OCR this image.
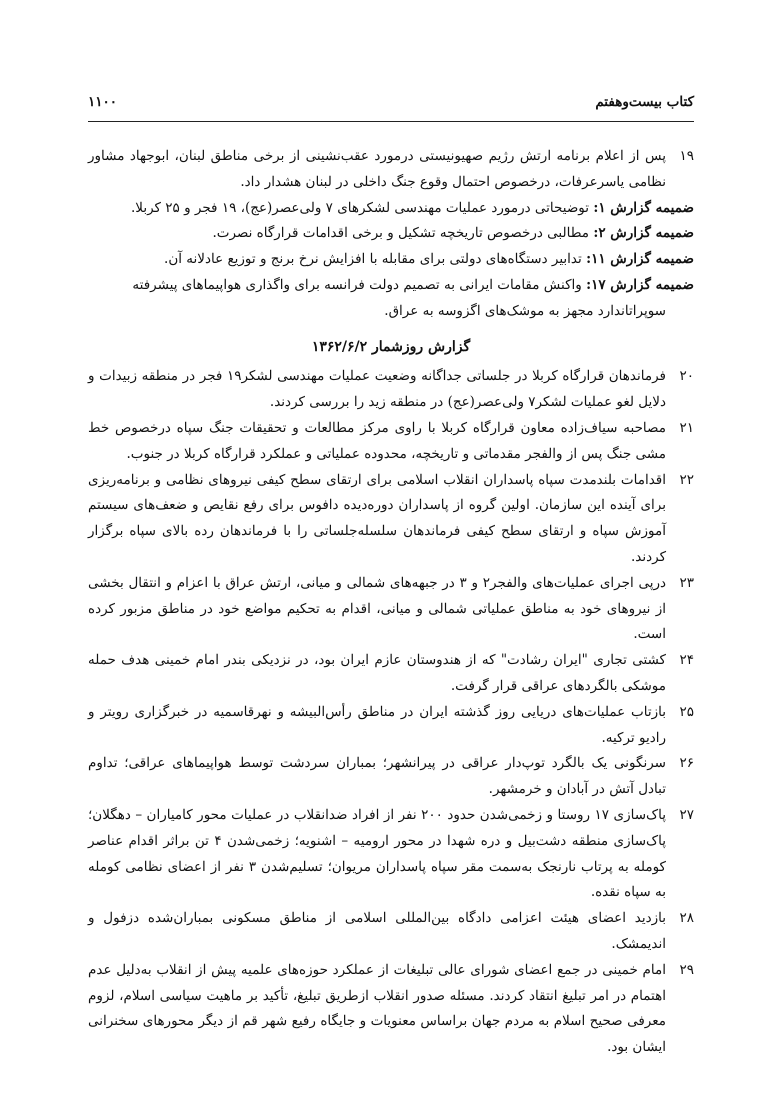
کتاب بیست‌وهفتم
۱۱۰۰
۱۹
پس از اعلام برنامه ارتش رژیم صهیونیستی درمورد عقب‌نشینی از برخی مناطق لبنان، ابوجهاد مشاور نظامی یاسرعرفات، درخصوص احتمال وقوع جنگ داخلی در لبنان هشدار داد.
ضمیمه گزارش ۱: توضیحاتی درمورد عملیات مهندسی لشکرهای ۷ ولی‌عصر(عج)، ۱۹ فجر و ۲۵ کربلا.
ضمیمه گزارش ۲: مطالبی درخصوص تاریخچه تشکیل و برخی اقدامات قرارگاه نصرت.
ضمیمه گزارش ۱۱: تدابیر دستگاه‌های دولتی برای مقابله با افزایش نرخ برنج و توزیع عادلانه آن.
ضمیمه گزارش ۱۷: واکنش مقامات ایرانی به تصمیم دولت فرانسه برای واگذاری هواپیماهای پیشرفته
سوپراتاندارد مجهز به موشک‌های اگزوسه به عراق.
گزارش روزشمار ۱۳۶۲/۶/۲
۲۰
فرماندهان قرارگاه کربلا در جلساتی جداگانه وضعیت عملیات مهندسی لشکر۱۹ فجر در منطقه زبیدات و دلایل لغو عملیات لشکر۷ ولی‌عصر(عج) در منطقه زید را بررسی کردند.
۲۱
مصاحبه سیاف‌زاده معاون قرارگاه کربلا با راوی مرکز مطالعات و تحقیقات جنگ سپاه درخصوص خط مشی جنگ پس از والفجر مقدماتی و تاریخچه، محدوده عملیاتی و عملکرد قرارگاه کربلا در جنوب.
۲۲
اقدامات بلندمدت سپاه پاسداران انقلاب اسلامی برای ارتقای سطح کیفی نیروهای نظامی و برنامه‌ریزی برای آینده این سازمان. اولین گروه از پاسداران دوره‌دیده دافوس برای رفع نقایص و ضعف‌های سیستم آموزش سپاه و ارتقای سطح کیفی فرماندهان سلسله‌جلساتی را با فرماندهان رده بالای سپاه برگزار کردند.
۲۳
درپی اجرای عملیات‌های والفجر۲ و ۳ در جبهه‌های شمالی و میانی، ارتش عراق با اعزام و انتقال بخشی از نیروهای خود به مناطق عملیاتی شمالی و میانی، اقدام به تحکیم مواضع خود در مناطق مزبور کرده است.
۲۴
کشتی تجاری "ایران رشادت" که از هندوستان عازم ایران بود، در نزدیکی بندر امام خمینی هدف حمله موشکی بالگردهای عراقی قرار گرفت.
۲۵
بازتاب عملیات‌های دریایی روز گذشته ایران در مناطق رأس‌البیشه و نهرقاسمیه در خبرگزاری رویتر و رادیو ترکیه.
۲۶
سرنگونی یک بالگرد توپ‌دار عراقی در پیرانشهر؛ بمباران سردشت توسط هواپیماهای عراقی؛ تداوم تبادل آتش در آبادان و خرمشهر.
۲۷
پاک‌سازی ۱۷ روستا و زخمی‌شدن حدود ۲۰۰ نفر از افراد ضدانقلاب در عملیات محور کامیاران – دهگلان؛ پاک‌سازی منطقه دشت‌بیل و دره شهدا در محور ارومیه – اشنویه؛ زخمی‌شدن ۴ تن براثر اقدام عناصر کومله به پرتاب نارنجک به‌سمت مقر سپاه پاسداران مریوان؛ تسلیم‌شدن ۳ نفر از اعضای نظامی کومله به سپاه نقده.
۲۸
بازدید اعضای هیئت اعزامی دادگاه بین‌المللی اسلامی از مناطق مسکونی بمباران‌شده دزفول و اندیمشک.
۲۹
امام خمینی در جمع اعضای شورای عالی تبلیغات از عملکرد حوزه‌های علمیه پیش از انقلاب به‌دلیل عدم اهتمام در امر تبلیغ انتقاد کردند. مسئله صدور انقلاب ازطریق تبلیغ، تأکید بر ماهیت سیاسی اسلام، لزوم معرفی صحیح اسلام به مردم جهان براساس معنویات و جایگاه رفیع شهر قم از دیگر محورهای سخنرانی ایشان بود.
